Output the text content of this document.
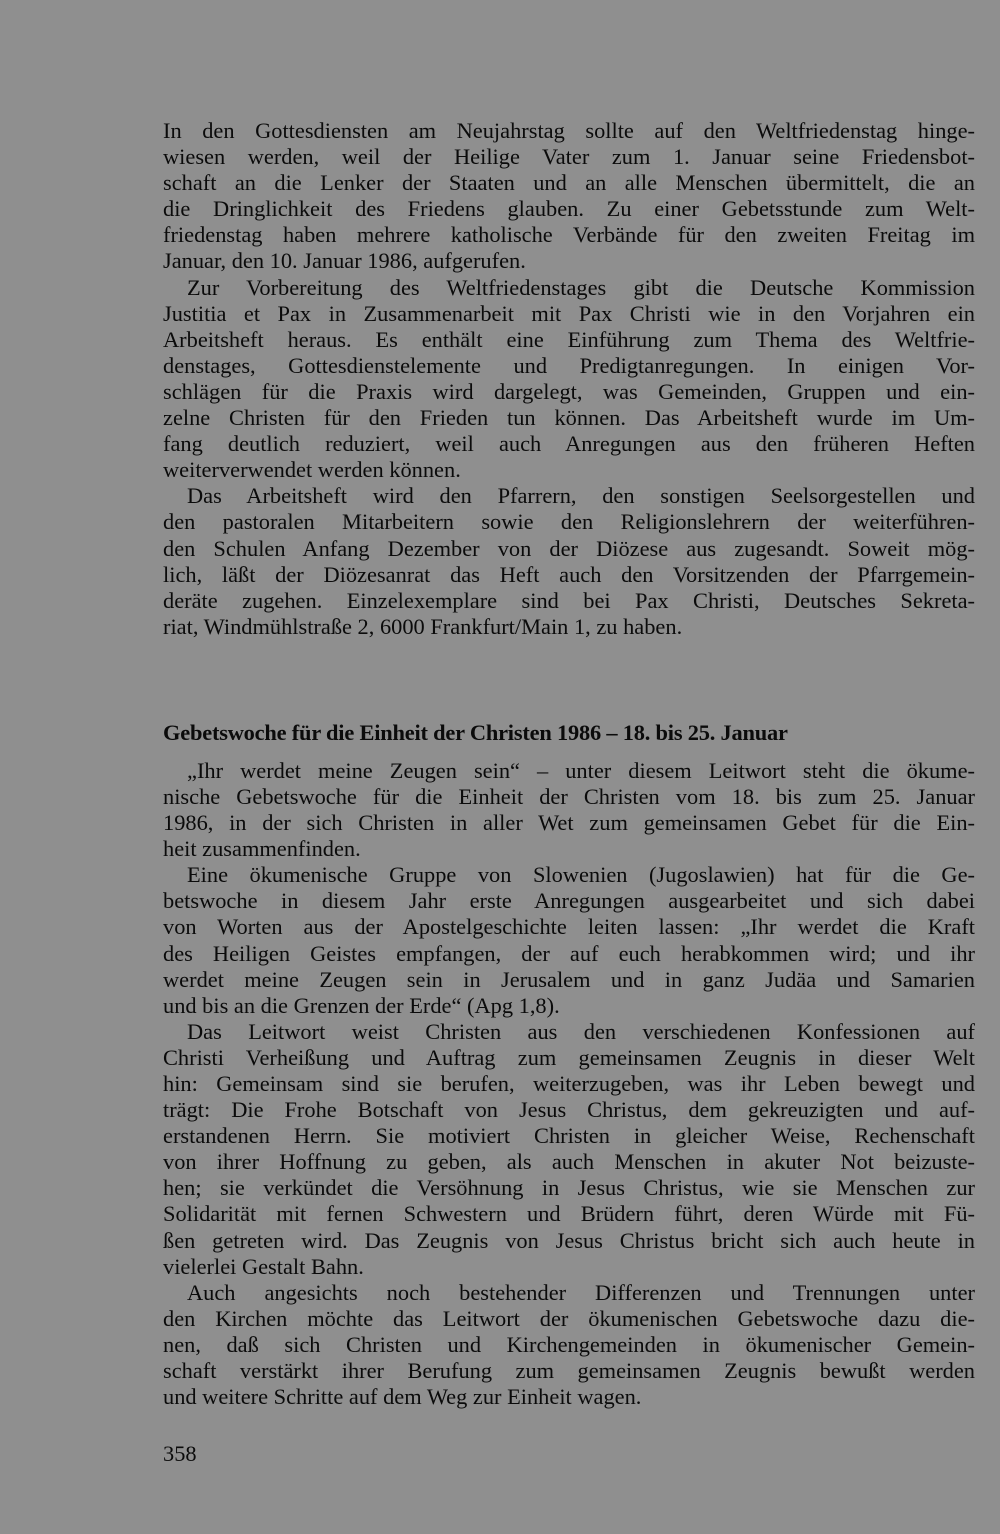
In den Gottesdiensten am Neujahrstag sollte auf den Weltfriedenstag hinge-
wiesen werden, weil der Heilige Vater zum 1. Januar seine Friedensbot-
schaft an die Lenker der Staaten und an alle Menschen übermittelt, die an
die Dringlichkeit des Friedens glauben. Zu einer Gebetsstunde zum Welt-
friedenstag haben mehrere katholische Verbände für den zweiten Freitag im
Januar, den 10. Januar 1986, aufgerufen.
Zur Vorbereitung des Weltfriedenstages gibt die Deutsche Kommission
Justitia et Pax in Zusammenarbeit mit Pax Christi wie in den Vorjahren ein
Arbeitsheft heraus. Es enthält eine Einführung zum Thema des Weltfrie-
denstages, Gottesdienstelemente und Predigtanregungen. In einigen Vor-
schlägen für die Praxis wird dargelegt, was Gemeinden, Gruppen und ein-
zelne Christen für den Frieden tun können. Das Arbeitsheft wurde im Um-
fang deutlich reduziert, weil auch Anregungen aus den früheren Heften
weiterverwendet werden können.
Das Arbeitsheft wird den Pfarrern, den sonstigen Seelsorgestellen und
den pastoralen Mitarbeitern sowie den Religionslehrern der weiterführen-
den Schulen Anfang Dezember von der Diözese aus zugesandt. Soweit mög-
lich, läßt der Diözesanrat das Heft auch den Vorsitzenden der Pfarrgemein-
deräte zugehen. Einzelexemplare sind bei Pax Christi, Deutsches Sekreta-
riat, Windmühlstraße 2, 6000 Frankfurt/Main 1, zu haben.
Gebetswoche für die Einheit der Christen 1986 – 18. bis 25. Januar
„Ihr werdet meine Zeugen sein“ – unter diesem Leitwort steht die ökume-
nische Gebetswoche für die Einheit der Christen vom 18. bis zum 25. Januar
1986, in der sich Christen in aller Wet zum gemeinsamen Gebet für die Ein-
heit zusammenfinden.
Eine ökumenische Gruppe von Slowenien (Jugoslawien) hat für die Ge-
betswoche in diesem Jahr erste Anregungen ausgearbeitet und sich dabei
von Worten aus der Apostelgeschichte leiten lassen: „Ihr werdet die Kraft
des Heiligen Geistes empfangen, der auf euch herabkommen wird; und ihr
werdet meine Zeugen sein in Jerusalem und in ganz Judäa und Samarien
und bis an die Grenzen der Erde“ (Apg 1,8).
Das Leitwort weist Christen aus den verschiedenen Konfessionen auf
Christi Verheißung und Auftrag zum gemeinsamen Zeugnis in dieser Welt
hin: Gemeinsam sind sie berufen, weiterzugeben, was ihr Leben bewegt und
trägt: Die Frohe Botschaft von Jesus Christus, dem gekreuzigten und auf-
erstandenen Herrn. Sie motiviert Christen in gleicher Weise, Rechenschaft
von ihrer Hoffnung zu geben, als auch Menschen in akuter Not beizuste-
hen; sie verkündet die Versöhnung in Jesus Christus, wie sie Menschen zur
Solidarität mit fernen Schwestern und Brüdern führt, deren Würde mit Fü-
ßen getreten wird. Das Zeugnis von Jesus Christus bricht sich auch heute in
vielerlei Gestalt Bahn.
Auch angesichts noch bestehender Differenzen und Trennungen unter
den Kirchen möchte das Leitwort der ökumenischen Gebetswoche dazu die-
nen, daß sich Christen und Kirchengemeinden in ökumenischer Gemein-
schaft verstärkt ihrer Berufung zum gemeinsamen Zeugnis bewußt werden
und weitere Schritte auf dem Weg zur Einheit wagen.
358
